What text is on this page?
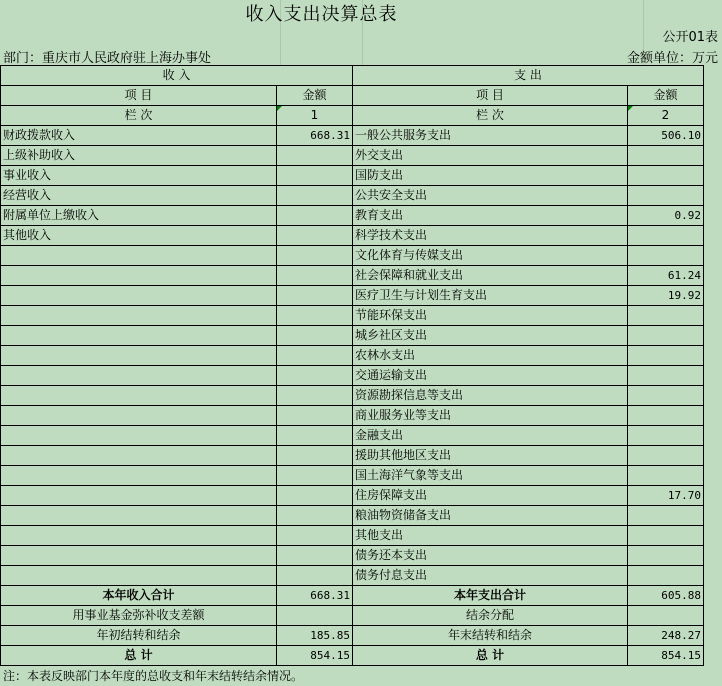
收入支出决算总表
公开01表
部门：重庆市人民政府驻上海办事处	金额单位：万元
收 入		支 出	
项 目	金额	项 目	金额
栏 次	1	栏 次	2
财政拨款收入	668.31	一般公共服务支出	506.10
上级补助收入		外交支出	
事业收入		国防支出	
经营收入		公共安全支出	
附属单位上缴收入		教育支出	0.92
其他收入		科学技术支出	
		文化体育与传媒支出	
		社会保障和就业支出	61.24
		医疗卫生与计划生育支出	19.92
		节能环保支出	
		城乡社区支出	
		农林水支出	
		交通运输支出	
		资源勘探信息等支出	
		商业服务业等支出	
		金融支出	
		援助其他地区支出	
		国土海洋气象等支出	
		住房保障支出	17.70
		粮油物资储备支出	
		其他支出	
		债务还本支出	
		债务付息支出	
本年收入合计	668.31	本年支出合计	605.88
用事业基金弥补收支差额		结余分配	
年初结转和结余	185.85	年末结转和结余	248.27
总 计	854.15	总 计	854.15
注：本表反映部门本年度的总收支和年末结转结余情况。
